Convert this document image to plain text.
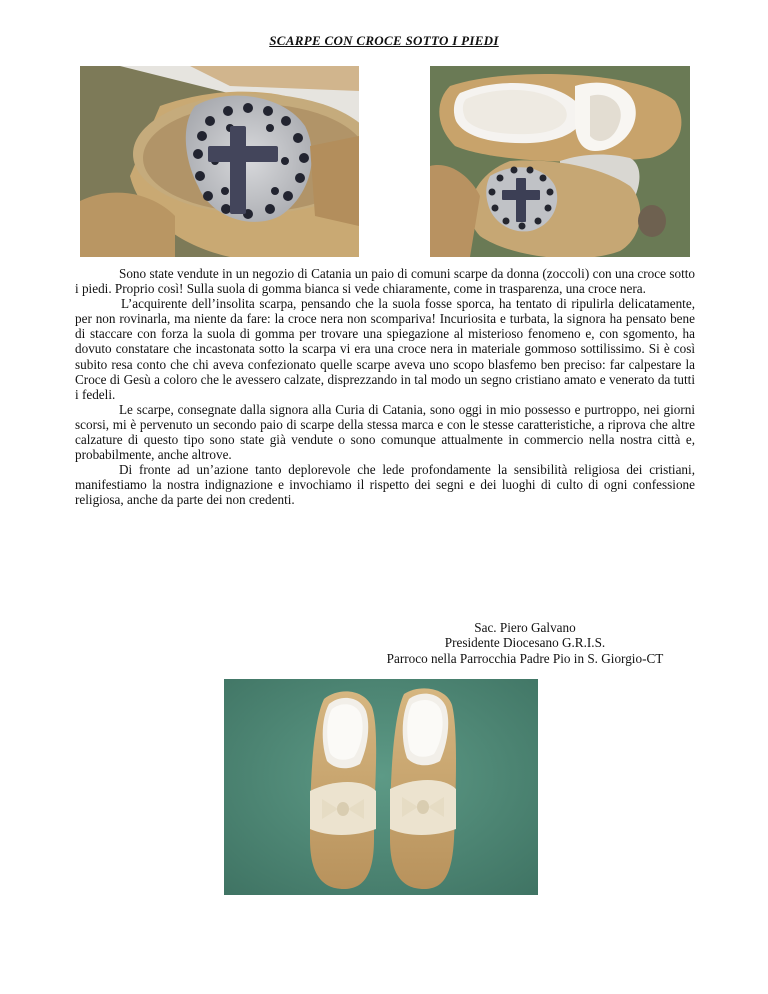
SCARPE CON CROCE SOTTO I PIEDI

Sono state vendute in un negozio di Catania un paio di comuni scarpe da donna (zoccoli) con una croce sotto i piedi. Proprio così! Sulla suola di gomma bianca si vede chiaramente, come in trasparenza, una croce nera.

L’acquirente dell’insolita scarpa, pensando che la suola fosse sporca, ha tentato di ripulirla delicatamente, per non rovinarla, ma niente da fare: la croce nera non scompariva! Incuriosita e turbata, la signora ha pensato bene di staccare con forza la suola di gomma per trovare una spiegazione al misterioso fenomeno e, con sgomento, ha dovuto constatare che incastonata sotto la scarpa vi era una croce nera in materiale gommoso sottilissimo. Si è così subito resa conto che chi aveva confezionato quelle scarpe aveva uno scopo blasfemo ben preciso: far calpestare la Croce di Gesù a coloro che le avessero calzate, disprezzando in tal modo un segno cristiano amato e venerato da tutti i fedeli.

Le scarpe, consegnate dalla signora alla Curia di Catania, sono oggi in mio possesso e purtroppo, nei giorni scorsi, mi è pervenuto un secondo paio di scarpe della stessa marca e con le stesse caratteristiche, a riprova che altre calzature di questo tipo sono state già vendute o sono comunque attualmente in commercio nella nostra città e, probabilmente, anche altrove.

Di fronte ad un’azione tanto deplorevole che lede profondamente la sensibilità religiosa dei cristiani, manifestiamo la nostra indignazione e invochiamo il rispetto dei segni e dei luoghi di culto di ogni confessione religiosa, anche da parte dei non credenti.

Sac. Piero Galvano
Presidente Diocesano G.R.I.S.
Parroco nella Parrocchia Padre Pio in S. Giorgio-CT
